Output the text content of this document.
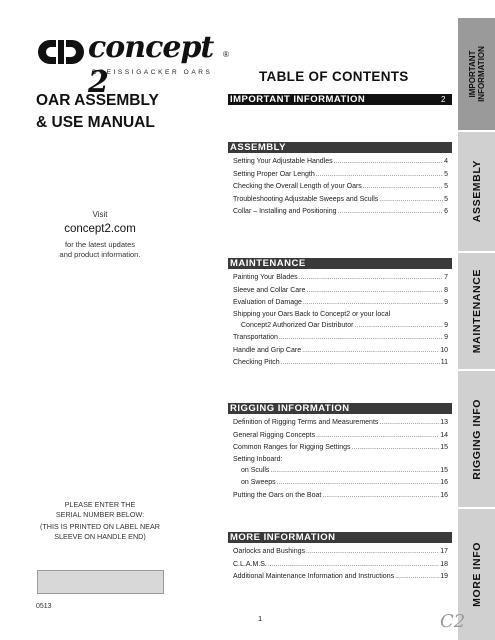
concept 2
®
DREISSIGACKER OARS
OAR ASSEMBLY
& USE MANUAL
Visit
concept2.com
for the latest updates
and product information.
PLEASE ENTER THE
SERIAL NUMBER BELOW:
(THIS IS PRINTED ON LABEL NEAR
SLEEVE ON HANDLE END)
0513
TABLE OF CONTENTS
IMPORTANT INFORMATION	2
ASSEMBLY
Setting Your Adjustable Handles .....	4
Setting Proper Oar Length .....	5
Checking the Overall Length of your Oars .....	5
Troubleshooting Adjustable Sweeps and Sculls .....	5
Collar – Installing and Positioning .....	6
MAINTENANCE
Painting Your Blades .....	7
Sleeve and Collar Care .....	8
Evaluation of Damage .....	9
Shipping your Oars Back to Concept2 or your local
Concept2 Authorized Oar Distributor .....	9
Transportation .....	9
Handle and Grip Care .....	10
Checking Pitch .....	11
RIGGING INFORMATION
Definition of Rigging Terms and Measurements .....	13
General Rigging Concepts .....	14
Common Ranges for Rigging Settings .....	15
Setting Inboard:
on Sculls .....	15
on Sweeps .....	16
Putting the Oars on the Boat .....	16
MORE INFORMATION
Oarlocks and Bushings .....	17
C.L.A.M.S. .....	18
Additional Maintenance Information and Instructions .....	19
IMPORTANT INFORMATION
ASSEMBLY
MAINTENANCE
RIGGING INFO
MORE INFO
1	C2
